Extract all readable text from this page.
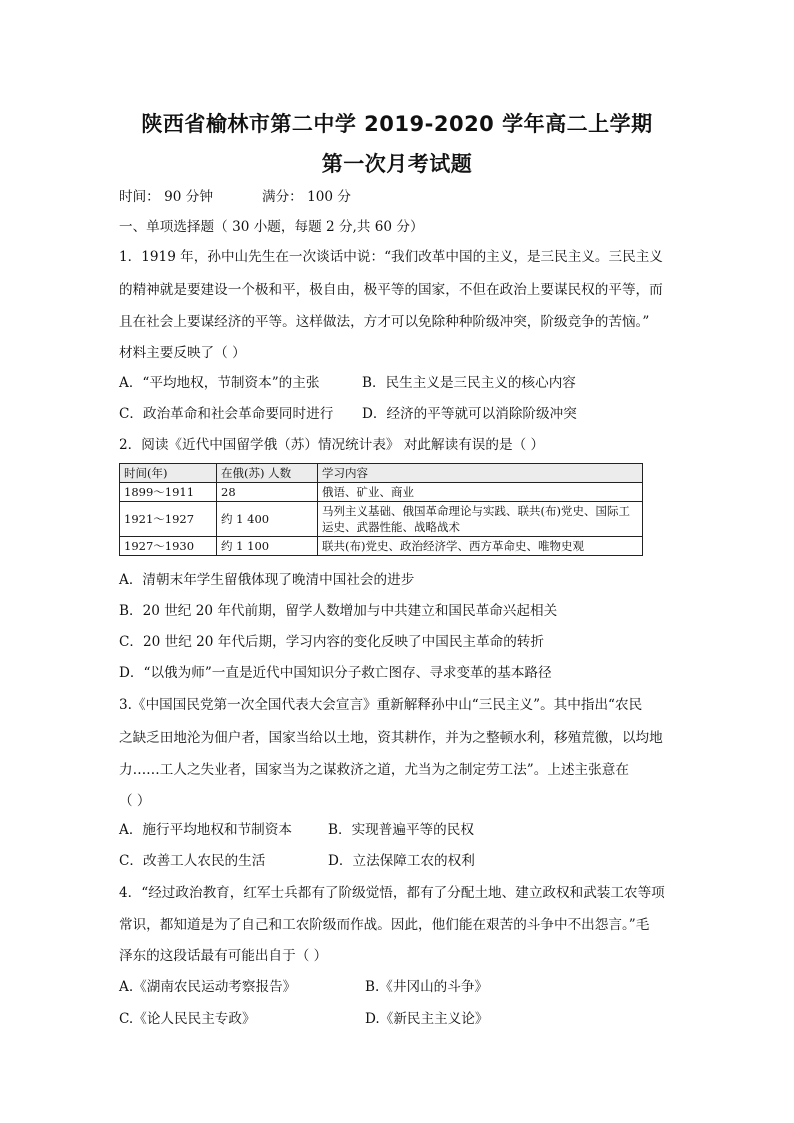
陕西省榆林市第二中学 2019-2020 学年高二上学期
第一次月考试题
时间： 90 分钟	满分： 100 分
一、单项选择题（ 30 小题，每题 2 分,共 60 分）
1．1919 年，孙中山先生在一次谈话中说：“我们改革中国的主义，是三民主义。三民主义
的精神就是要建设一个极和平，极自由，极平等的国家，不但在政治上要谋民权的平等，而
且在社会上要谋经济的平等。这样做法，方才可以免除种种阶级冲突，阶级竞争的苦恼。”
材料主要反映了（ ）
A．“平均地权，节制资本”的主张	B．民生主义是三民主义的核心内容
C．政治革命和社会革命要同时进行 D．经济的平等就可以消除阶级冲突
2．阅读《近代中国留学俄（苏）情况统计表》 对此解读有误的是（ ）
时间(年)	在俄(苏) 人数	学习内容
1899～1911	28	俄语、矿业、商业
1921～1927	约 1 400	马列主义基础、俄国革命理论与实践、联共(布)党史、国际工运史、武器性能、战略战术
1927～1930	约 1 100	联共(布)党史、政治经济学、西方革命史、唯物史观
A．清朝末年学生留俄体现了晚清中国社会的进步
B．20 世纪 20 年代前期，留学人数增加与中共建立和国民革命兴起相关
C．20 世纪 20 年代后期，学习内容的变化反映了中国民主革命的转折
D．“以俄为师”一直是近代中国知识分子救亡图存、寻求变革的基本路径
3.《中国国民党第一次全国代表大会宣言》重新解释孙中山“三民主义”。其中指出“农民
之缺乏田地沦为佃户者，国家当给以土地，资其耕作，并为之整顿水利，移殖荒徼，以均地
力……工人之失业者，国家当为之谋救济之道，尤当为之制定劳工法”。上述主张意在
（ ）
A．施行平均地权和节制资本	B．实现普遍平等的民权
C．改善工人农民的生活	D．立法保障工农的权利
4．“经过政治教育，红军士兵都有了阶级觉悟，都有了分配土地、建立政权和武装工农等项
常识，都知道是为了自己和工农阶级而作战。因此，他们能在艰苦的斗争中不出怨言。”毛
泽东的这段话最有可能出自于（ ）
A.《湖南农民运动考察报告》	B.《井冈山的斗争》
C.《论人民民主专政》	D.《新民主主义论》
